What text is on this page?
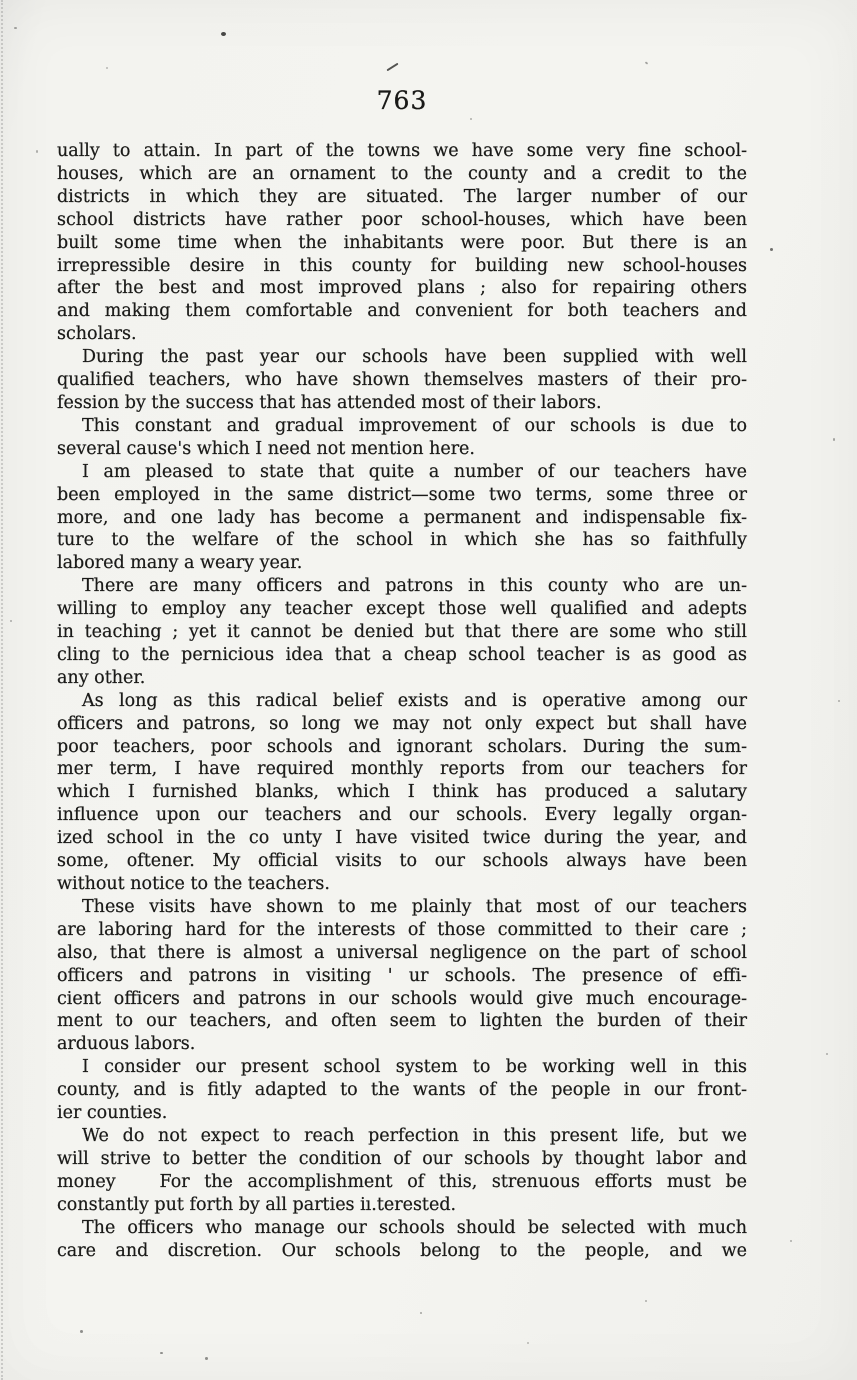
763
ually to attain. In part of the towns we have some very fine school-
houses, which are an ornament to the county and a credit to the
districts in which they are situated. The larger number of our
school districts have rather poor school-houses, which have been
built some time when the inhabitants were poor. But there is an
irrepressible desire in this county for building new school-houses
after the best and most improved plans ; also for repairing others
and making them comfortable and convenient for both teachers and
scholars.
During the past year our schools have been supplied with well
qualified teachers, who have shown themselves masters of their pro-
fession by the success that has attended most of their labors.
This constant and gradual improvement of our schools is due to
several cause's which I need not mention here.
I am pleased to state that quite a number of our teachers have
been employed in the same district—some two terms, some three or
more, and one lady has become a permanent and indispensable fix-
ture to the welfare of the school in which she has so faithfully
labored many a weary year.
There are many officers and patrons in this county who are un-
willing to employ any teacher except those well qualified and adepts
in teaching ; yet it cannot be denied but that there are some who still
cling to the pernicious idea that a cheap school teacher is as good as
any other.
As long as this radical belief exists and is operative among our
officers and patrons, so long we may not only expect but shall have
poor teachers, poor schools and ignorant scholars. During the sum-
mer term, I have required monthly reports from our teachers for
which I furnished blanks, which I think has produced a salutary
influence upon our teachers and our schools. Every legally organ-
ized school in the co unty I have visited twice during the year, and
some, oftener. My official visits to our schools always have been
without notice to the teachers.
These visits have shown to me plainly that most of our teachers
are laboring hard for the interests of those committed to their care ;
also, that there is almost a universal negligence on the part of school
officers and patrons in visiting ' ur schools. The presence of effi-
cient officers and patrons in our schools would give much encourage-
ment to our teachers, and often seem to lighten the burden of their
arduous labors.
I consider our present school system to be working well in this
county, and is fitly adapted to the wants of the people in our front-
ier counties.
We do not expect to reach perfection in this present life, but we
will strive to better the condition of our schools by thought labor and
money   For the accomplishment of this, strenuous efforts must be
constantly put forth by all parties iı.terested.
The officers who manage our schools should be selected with much
care and discretion. Our schools belong to the people, and we
